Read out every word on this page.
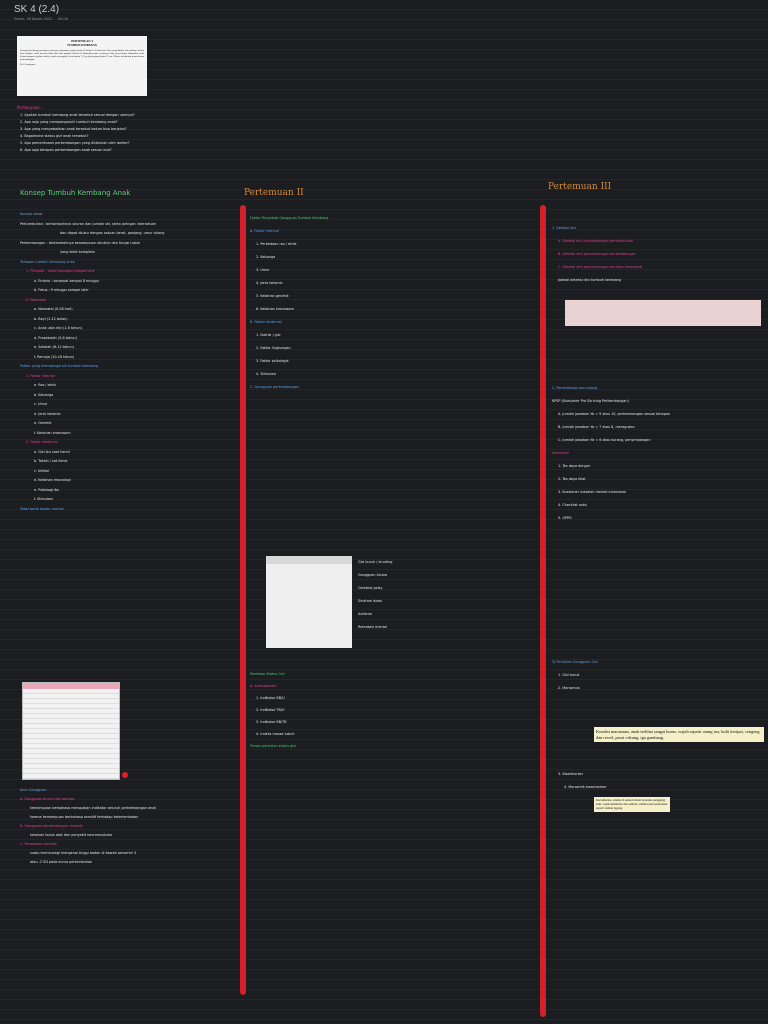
SK 4 (2.4)
Senin, 28 Maret 2022 00.08
PERTEMUAN 4
TUMBUH KEMBANG
Seorang ibu datang membawa anak perempuannya yang berusia 18 bulan ke Puskesmas. Ibu mengeluhkan bila anaknya belum bisa berjalan. Anak tersebut tidak aktif dan tampak lebih kecil dibanding anak seusianya. Pada pemeriksaan didapatkan anak belum mampu berjalan sendiri, masih merangkak, berat badan 7,5 kg dan panjang badan 75 cm. Dokter melakukan pemeriksaan perkembangan.
Kel. Pertanyaan
Pertanyaan :
1. Apakah tumbuh kembang anak tersebut sesuai dengan usianya?
2. Apa saja yang mempengaruhi tumbuh kembang anak?
3. Apa yang menyebabkan anak tersebut belum bisa berjalan?
4. Bagaimana status gizi anak tersebut?
5. Apa pemeriksaan perkembangan yang dilakukan oleh dokter?
6. Apa saja tahapan perkembangan anak sesuai usia?
Konsep Tumbuh Kembang Anak
Konsep dasar
Pertumbuhan : bertambahnya ukuran dan jumlah sel, serta jaringan interseluler
dan dapat diukur dengan satuan berat, panjang, umur tulang
Perkembangan : bertambahnya kemampuan struktur dan fungsi tubuh
yang lebih kompleks
Tahapan tumbuh kembang anak
1. Prenatal : mulai konsepsi sampai lahir
a. Embrio : konsepsi sampai 8 minggu
b. Fetus : 9 minggu sampai lahir
2. Postnatal
a. Neonatal (0-28 hari)
b. Bayi (1-12 bulan)
c. Anak usia dini (1-6 tahun)
d. Prasekolah (3-6 tahun)
e. Sekolah (6-12 tahun)
f. Remaja (10-18 tahun)
Faktor yang mempengaruhi tumbuh kembang
1. Faktor internal
a. Ras / etnik
b. Keluarga
c. Umur
d. Jenis kelamin
e. Genetik
f. Kelainan kromosom
2. Faktor eksternal
a. Gizi ibu saat hamil
b. Toksin / zat kimia
c. Infeksi
d. Kelainan imunologi
e. Psikologi ibu
f. Stimulasi
Tabel berat badan normal
Jenis Gangguan
A. Gangguan bicara dan bahasa
kemampuan berbahasa merupakan indikator seluruh perkembangan anak
karena kemampuan berbahasa sensitif terhadap keterlambatan
B. Gangguan perkembangan motorik
kelainan tonus otot dan penyakit neuromuskular
C. Perawakan pendek
suatu terminologi mengenai tinggi badan di bawah persentil 3
atau -2 SD pada kurva pertumbuhan
Pertemuan II
Faktor Penyebab Gangguan Tumbuh Kembang
A. Faktor internal
1. Perbedaan ras / etnik
2. Keluarga
3. Umur
4. Jenis kelamin
5. Kelainan genetik
6. Kelainan kromosom
B. Faktor eksternal
1. Nutrisi / gizi
2. Faktor lingkungan
3. Faktor psikologis
4. Stimulasi
C. Gangguan perkembangan
Gizi buruk / stunting
Gangguan bicara
Cerebral palsy
Sindrom down
Autisme
Retardasi mental
Penilaian Status Gizi
A. Antropometri
1. Indikator BB/U
2. Indikator TB/U
3. Indikator BB/TB
4. Indeks massa tubuh
Proses penilaian status gizi
Pertemuan III
1. Deteksi dini
A. Deteksi dini penyimpangan pertumbuhan
B. Deteksi dini penyimpangan perkembangan
C. Deteksi dini penyimpangan perilaku emosional
Jadwal deteksi dini tumbuh kembang
2. Pemeriksaan penunjang
KPSP (Kuesioner Pra Skrining Perkembangan)
A. Jumlah jawaban Ya = 9 atau 10, perkembangan sesuai tahapan
B. Jumlah jawaban Ya = 7 atau 8, meragukan
C. Jumlah jawaban Ya = 6 atau kurang, penyimpangan
Intervensi
1. Tes daya dengar
2. Tes daya lihat
3. Kuesioner masalah mental emosional
4. Checklist autis
5. GPPH
3) Penilaian Gangguan Gizi
1. Gizi buruk
2. Marasmus
Kondisi marasmus, anak terlihat sangat kurus, wajah seperti orang tua, kulit keriput, cengeng dan rewel, perut cekung, iga gambang.
3. Kwashiorkor
4. Marasmik-kwashiorkor
Kwashiorkor, edema di seluruh tubuh terutama punggung kaki, wajah membulat dan sembab, rambut tipis kemerahan seperti rambut jagung.
